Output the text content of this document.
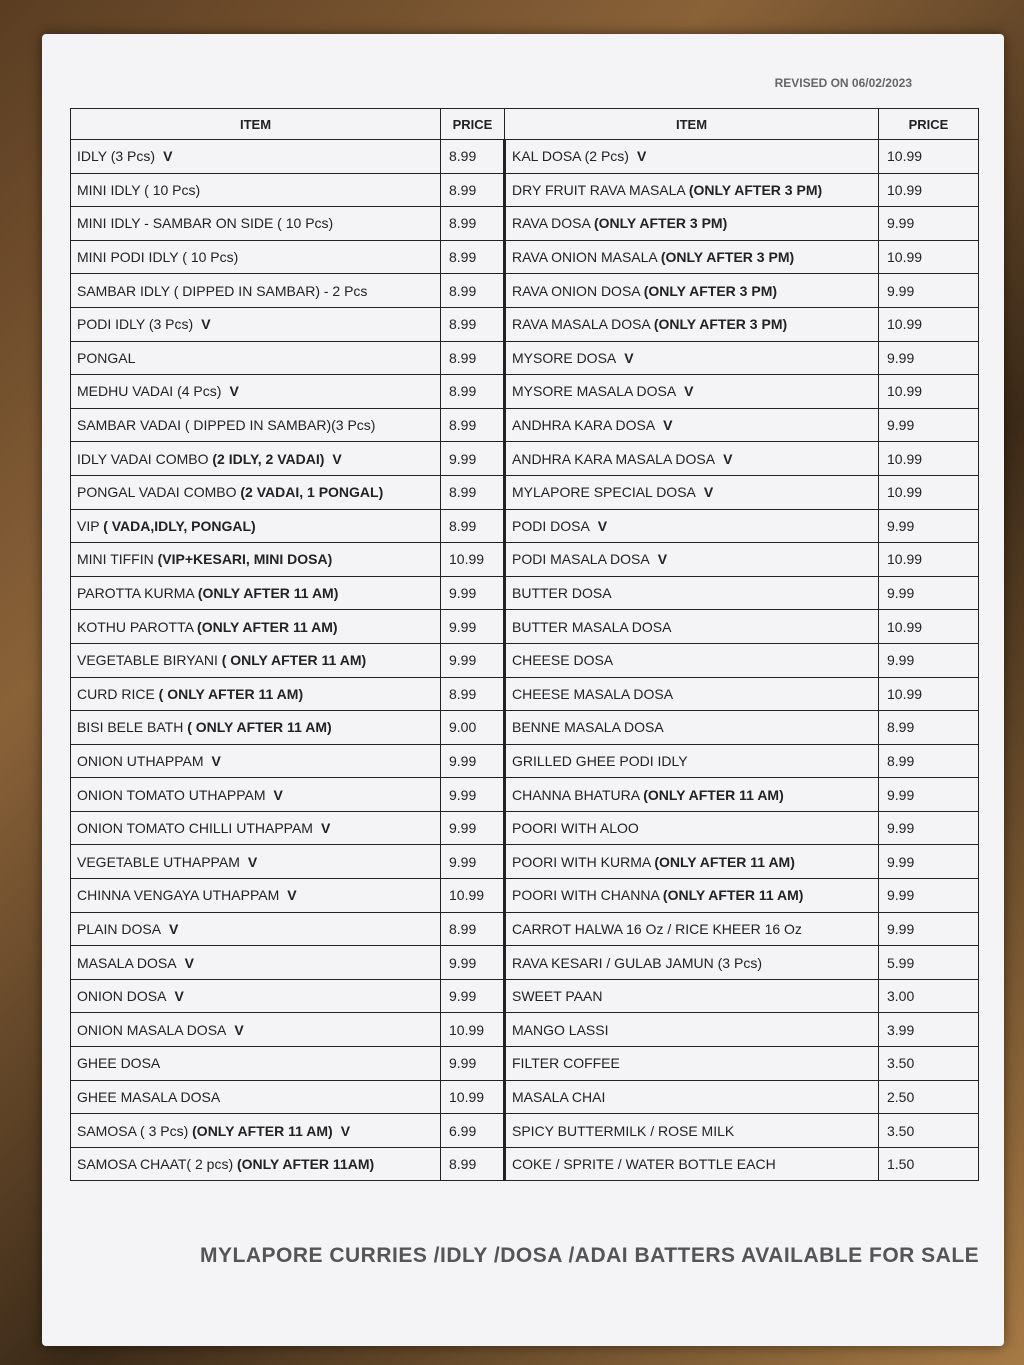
REVISED ON 06/02/2023
ITEM	PRICE	ITEM	PRICE
IDLY (3 Pcs) V	8.99	KAL DOSA (2 Pcs) V	10.99
MINI IDLY ( 10 Pcs)	8.99	DRY FRUIT RAVA MASALA (ONLY AFTER 3 PM)	10.99
MINI IDLY - SAMBAR ON SIDE ( 10 Pcs)	8.99	RAVA DOSA (ONLY AFTER 3 PM)	9.99
MINI PODI IDLY ( 10 Pcs)	8.99	RAVA ONION MASALA (ONLY AFTER 3 PM)	10.99
SAMBAR IDLY ( DIPPED IN SAMBAR) - 2 Pcs	8.99	RAVA ONION DOSA (ONLY AFTER 3 PM)	9.99
PODI IDLY (3 Pcs) V	8.99	RAVA MASALA DOSA (ONLY AFTER 3 PM)	10.99
PONGAL	8.99	MYSORE DOSA V	9.99
MEDHU VADAI (4 Pcs) V	8.99	MYSORE MASALA DOSA V	10.99
SAMBAR VADAI ( DIPPED IN SAMBAR)(3 Pcs)	8.99	ANDHRA KARA DOSA V	9.99
IDLY VADAI COMBO (2 IDLY, 2 VADAI) V	9.99	ANDHRA KARA MASALA DOSA V	10.99
PONGAL VADAI COMBO (2 VADAI, 1 PONGAL)	8.99	MYLAPORE SPECIAL DOSA V	10.99
VIP ( VADA,IDLY, PONGAL)	8.99	PODI DOSA V	9.99
MINI TIFFIN (VIP+KESARI, MINI DOSA)	10.99	PODI MASALA DOSA V	10.99
PAROTTA KURMA (ONLY AFTER 11 AM)	9.99	BUTTER DOSA	9.99
KOTHU PAROTTA (ONLY AFTER 11 AM)	9.99	BUTTER MASALA DOSA	10.99
VEGETABLE BIRYANI ( ONLY AFTER 11 AM)	9.99	CHEESE DOSA	9.99
CURD RICE ( ONLY AFTER 11 AM)	8.99	CHEESE MASALA DOSA	10.99
BISI BELE BATH ( ONLY AFTER 11 AM)	9.00	BENNE MASALA DOSA	8.99
ONION UTHAPPAM V	9.99	GRILLED GHEE PODI IDLY	8.99
ONION TOMATO UTHAPPAM V	9.99	CHANNA BHATURA (ONLY AFTER 11 AM)	9.99
ONION TOMATO CHILLI UTHAPPAM V	9.99	POORI WITH ALOO	9.99
VEGETABLE UTHAPPAM V	9.99	POORI WITH KURMA (ONLY AFTER 11 AM)	9.99
CHINNA VENGAYA UTHAPPAM V	10.99	POORI WITH CHANNA (ONLY AFTER 11 AM)	9.99
PLAIN DOSA V	8.99	CARROT HALWA 16 Oz / RICE KHEER 16 Oz	9.99
MASALA DOSA V	9.99	RAVA KESARI / GULAB JAMUN (3 Pcs)	5.99
ONION DOSA V	9.99	SWEET PAAN	3.00
ONION MASALA DOSA V	10.99	MANGO LASSI	3.99
GHEE DOSA	9.99	FILTER COFFEE	3.50
GHEE MASALA DOSA	10.99	MASALA CHAI	2.50
SAMOSA ( 3 Pcs) (ONLY AFTER 11 AM) V	6.99	SPICY BUTTERMILK / ROSE MILK	3.50
SAMOSA CHAAT( 2 pcs) (ONLY AFTER 11AM)	8.99	COKE / SPRITE / WATER BOTTLE EACH	1.50
MYLAPORE CURRIES /IDLY /DOSA /ADAI BATTERS AVAILABLE FOR SALE
